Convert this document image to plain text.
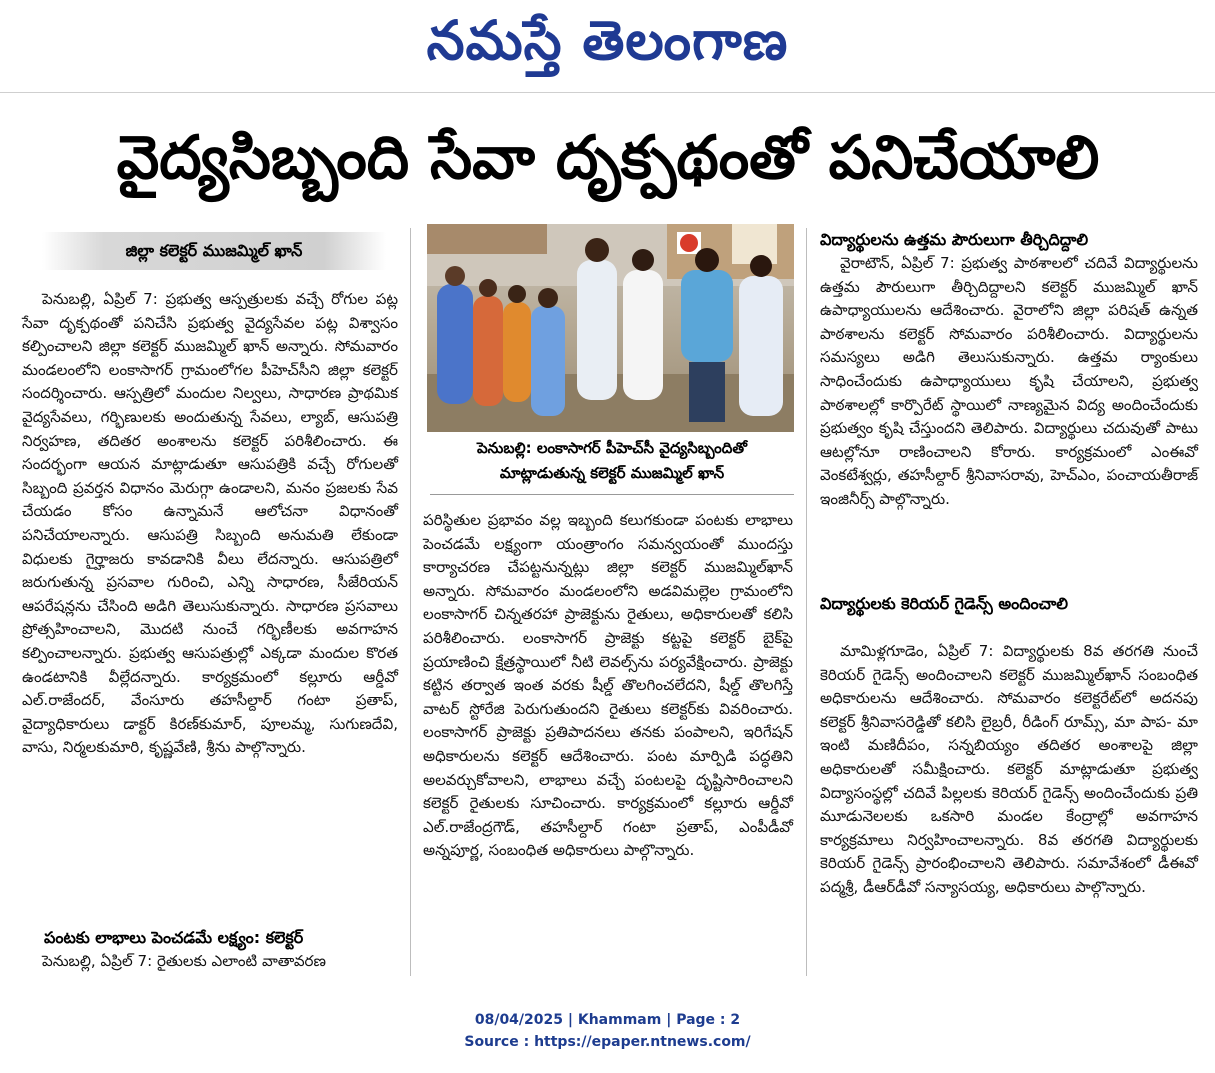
నమస్తే తెలంగాణ
వైద్యసిబ్బంది సేవా దృక్పథంతో పనిచేయాలి
జిల్లా కలెక్టర్ ముజమ్మిల్ ఖాన్

పెనుబల్లి, ఏప్రిల్ 7: ప్రభుత్వ ఆస్పత్రులకు వచ్చే రోగుల పట్ల సేవా దృక్పథంతో పనిచేసి ప్రభుత్వ వైద్యసేవల పట్ల విశ్వాసం కల్పించాలని జిల్లా కలెక్టర్ ముజమ్మిల్ ఖాన్ అన్నారు. సోమవారం మండలంలోని లంకాసాగర్ గ్రామంలోగల పీహెచ్‌సీని జిల్లా కలెక్టర్ సందర్శించారు. ఆస్పత్రిలో మందుల నిల్వలు, సాధారణ ప్రాథమిక వైద్యసేవలు, గర్భిణులకు అందుతున్న సేవలు, ల్యాబ్, ఆసుపత్రి నిర్వహణ, తదితర అంశాలను కలెక్టర్ పరిశీలించారు. ఈ సందర్భంగా ఆయన మాట్లాడుతూ ఆసుపత్రికి వచ్చే రోగులతో సిబ్బంది ప్రవర్తన విధానం మెరుగ్గా ఉండాలని, మనం ప్రజలకు సేవ చేయడం కోసం ఉన్నామనే ఆలోచనా విధానంతో పనిచేయాలన్నారు. ఆసుపత్రి సిబ్బంది అనుమతి లేకుండా విధులకు గైర్హాజరు కావడానికి వీలు లేదన్నారు. ఆసుపత్రిలో జరుగుతున్న ప్రసవాల గురించి, ఎన్ని సాధారణ, సీజేరియన్ ఆపరేషన్లను చేసింది అడిగి తెలుసుకున్నారు. సాధారణ ప్రసవాలు ప్రోత్సహించాలని, మొదటి నుంచే గర్భిణీలకు అవగాహన కల్పించాలన్నారు. ప్రభుత్వ ఆసుపత్రుల్లో ఎక్కడా మందుల కొరత ఉండటానికి వీల్లేదన్నారు. కార్యక్రమంలో కల్లూరు ఆర్డీవో ఎల్.రాజేందర్, వేంసూరు తహసీల్దార్ గంటా ప్రతాప్, వైద్యాధికారులు డాక్టర్ కిరణ్‌కుమార్, పూలమ్మ, సుగుణదేవి, వాసు, నిర్మలకుమారి, కృష్ణవేణి, శ్రీను పాల్గొన్నారు.

పంటకు లాభాలు పెంచడమే లక్ష్యం: కలెక్టర్

పెనుబల్లి, ఏప్రిల్ 7: రైతులకు ఎలాంటి వాతావరణ

పెనుబల్లి: లంకాసాగర్ పీహెచ్‌సీ వైద్యసిబ్బందితో మాట్లాడుతున్న కలెక్టర్ ముజమ్మిల్ ఖాన్

పరిస్థితుల ప్రభావం వల్ల ఇబ్బంది కలుగకుండా పంటకు లాభాలు పెంచడమే లక్ష్యంగా యంత్రాంగం సమన్వయంతో ముందస్తు కార్యాచరణ చేపట్టనున్నట్లు జిల్లా కలెక్టర్ ముజమ్మిల్‌ఖాన్ అన్నారు. సోమవారం మండలంలోని అడవిమల్లెల గ్రామంలోని లంకాసాగర్ చిన్నతరహా ప్రాజెక్టును రైతులు, అధికారులతో కలిసి పరిశీలించారు. లంకాసాగర్ ప్రాజెక్టు కట్టపై కలెక్టర్ బైక్‌పై ప్రయాణించి క్షేత్రస్థాయిలో నీటి లెవల్స్‌ను పర్యవేక్షించారు. ప్రాజెక్టు కట్టిన తర్వాత ఇంత వరకు షీల్డ్ తొలగించలేదని, షీల్డ్ తొలగిస్తే వాటర్ స్టోరేజి పెరుగుతుందని రైతులు కలెక్టర్‌కు వివరించారు. లంకాసాగర్ ప్రాజెక్టు ప్రతిపాదనలు తనకు పంపాలని, ఇరిగేషన్ అధికారులను కలెక్టర్ ఆదేశించారు. పంట మార్పిడి పద్ధతిని అలవర్చుకోవాలని, లాభాలు వచ్చే పంటలపై దృష్టిసారించాలని కలెక్టర్ రైతులకు సూచించారు. కార్యక్రమంలో కల్లూరు ఆర్డీవో ఎల్.రాజేంద్రగౌడ్, తహసీల్దార్ గంటా ప్రతాప్, ఎంపీడీవో అన్నపూర్ణ, సంబంధిత అధికారులు పాల్గొన్నారు.

విద్యార్థులను ఉత్తమ పౌరులుగా తీర్చిదిద్దాలి

వైరాటౌన్, ఏప్రిల్ 7: ప్రభుత్వ పాఠశాలలో చదివే విద్యార్థులను ఉత్తమ పౌరులుగా తీర్చిదిద్దాలని కలెక్టర్ ముజమ్మిల్ ఖాన్ ఉపాధ్యాయులను ఆదేశించారు. వైరాలోని జిల్లా పరిషత్ ఉన్నత పాఠశాలను కలెక్టర్ సోమవారం పరిశీలించారు. విద్యార్థులను సమస్యలు అడిగి తెలుసుకున్నారు. ఉత్తమ ర్యాంకులు సాధించేందుకు ఉపాధ్యాయులు కృషి చేయాలని, ప్రభుత్వ పాఠశాలల్లో కార్పొరేట్ స్థాయిలో నాణ్యమైన విద్య అందించేందుకు ప్రభుత్వం కృషి చేస్తుందని తెలిపారు. విద్యార్థులు చదువుతో పాటు ఆటల్లోనూ రాణించాలని కోరారు. కార్యక్రమంలో ఎంఈవో వెంకటేశ్వర్లు, తహసీల్దార్ శ్రీనివాసరావు, హెచ్‌ఎం, పంచాయతీరాజ్ ఇంజినీర్స్ పాల్గొన్నారు.

విద్యార్థులకు కెరియర్ గైడెన్స్ అందించాలి

మామిళ్లగూడెం, ఏప్రిల్ 7: విద్యార్థులకు 8వ తరగతి నుంచే కెరియర్ గైడెన్స్ అందించాలని కలెక్టర్ ముజమ్మిల్‌ఖాన్ సంబంధిత అధికారులను ఆదేశించారు. సోమవారం కలెక్టరేట్‌లో అదనపు కలెక్టర్ శ్రీనివాసరెడ్డితో కలిసి లైబ్రరీ, రీడింగ్ రూమ్స్, మా పాప- మా ఇంటి మణిదీపం, సన్నబియ్యం తదితర అంశాలపై జిల్లా అధికారులతో సమీక్షించారు. కలెక్టర్ మాట్లాడుతూ ప్రభుత్వ విద్యాసంస్థల్లో చదివే పిల్లలకు కెరియర్ గైడెన్స్ అందించేందుకు ప్రతి మూడునెలలకు ఒకసారి మండల కేంద్రాల్లో అవగాహన కార్యక్రమాలు నిర్వహించాలన్నారు. 8వ తరగతి విద్యార్థులకు కెరియర్ గైడెన్స్ ప్రారంభించాలని తెలిపారు. సమావేశంలో డీఈవో పద్మశ్రీ, డీఆర్‌డీవో సన్యాసయ్య, అధికారులు పాల్గొన్నారు.

08/04/2025 | Khammam | Page : 2
Source : https://epaper.ntnews.com/
